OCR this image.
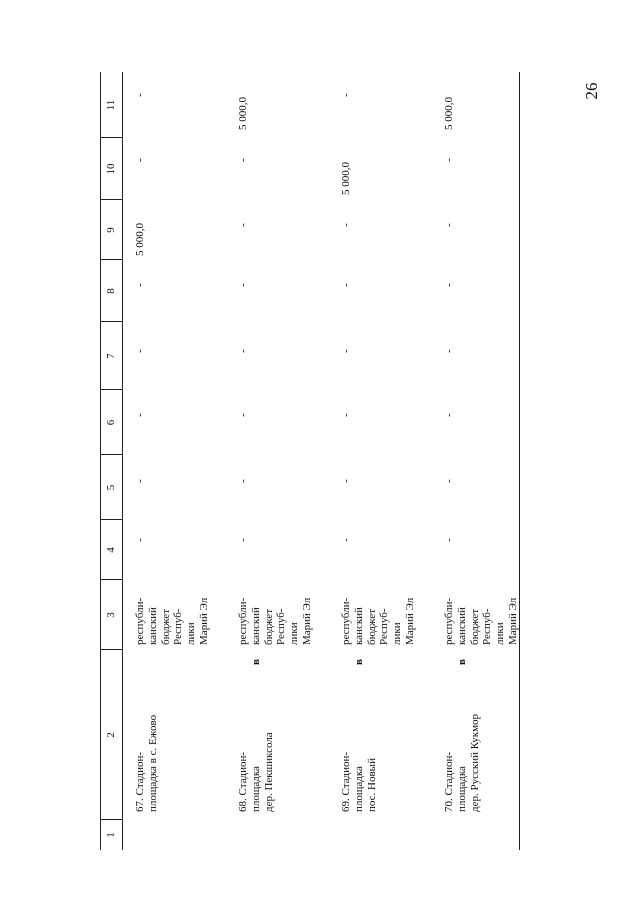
26
1
2
3
4
5
6
7
8
9
10
11
67. Стадион-
площадка в с. Ежово
республи-
канский
бюджет
Респуб-
лики
Марий Эл
-
-
-
-
-
5 000,0
-
-
68. Стадион-
площадка
дер. Пекшиксола
в
республи-
канский
бюджет
Респуб-
лики
Марий Эл
-
-
-
-
-
-
-
5 000,0
69. Стадион-
площадка
пос. Новый
в
республи-
канский
бюджет
Респуб-
лики
Марий Эл
-
-
-
-
-
-
5 000,0
-
70. Стадион-
площадка
дер. Русский Кукмор
в
республи-
канский
бюджет
Респуб-
лики
Марий Эл
-
-
-
-
-
-
-
5 000,0
